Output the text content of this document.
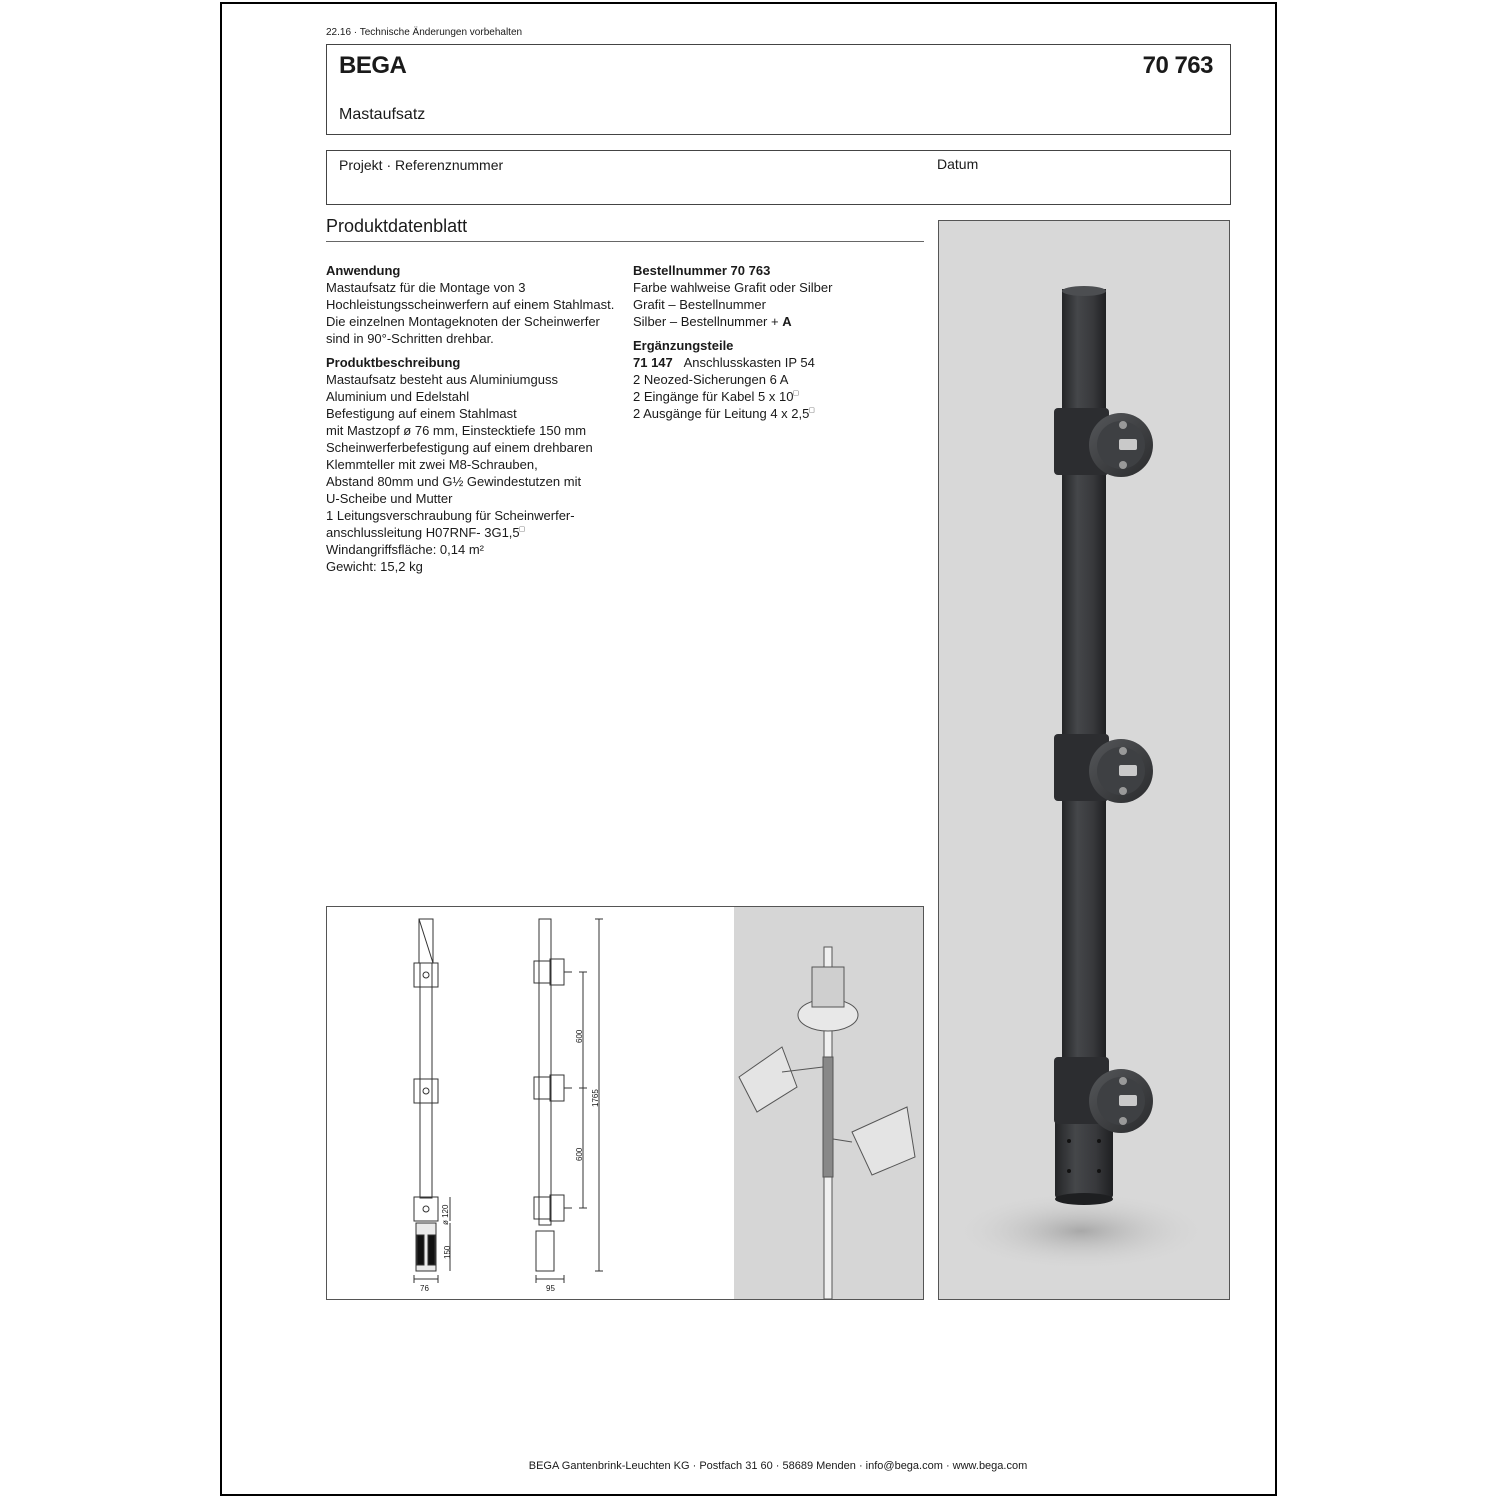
22.16 · Technische Änderungen vorbehalten
BEGA	70 763
Mastaufsatz
Projekt · Referenznummer	Datum
Produktdatenblatt
Anwendung
Mastaufsatz für die Montage von 3
Hochleistungsscheinwerfern auf einem Stahlmast.
Die einzelnen Montageknoten der Scheinwerfer
sind in 90°-Schritten drehbar.
Produktbeschreibung
Mastaufsatz besteht aus Aluminiumguss
Aluminium und Edelstahl
Befestigung auf einem Stahlmast
mit Mastzopf ø 76 mm, Einstecktiefe 150 mm
Scheinwerferbefestigung auf einem drehbaren
Klemmteller mit zwei M8-Schrauben,
Abstand 80mm und G½ Gewindestutzen mit
U-Scheibe und Mutter
1 Leitungsverschraubung für Scheinwerfer-
anschlussleitung H07RNF- 3G1,5□
Windangriffsfläche: 0,14 m²
Gewicht: 15,2 kg
Bestellnummer 70 763
Farbe wahlweise Grafit oder Silber
Grafit – Bestellnummer
Silber – Bestellnummer + A
Ergänzungsteile
71 147 Anschlusskasten IP 54
2 Neozed-Sicherungen 6 A
2 Eingänge für Kabel 5 x 10□
2 Ausgänge für Leitung 4 x 2,5□
76	95
ø 120
150
600
600
1765
BEGA Gantenbrink-Leuchten KG · Postfach 31 60 · 58689 Menden · info@bega.com · www.bega.com
